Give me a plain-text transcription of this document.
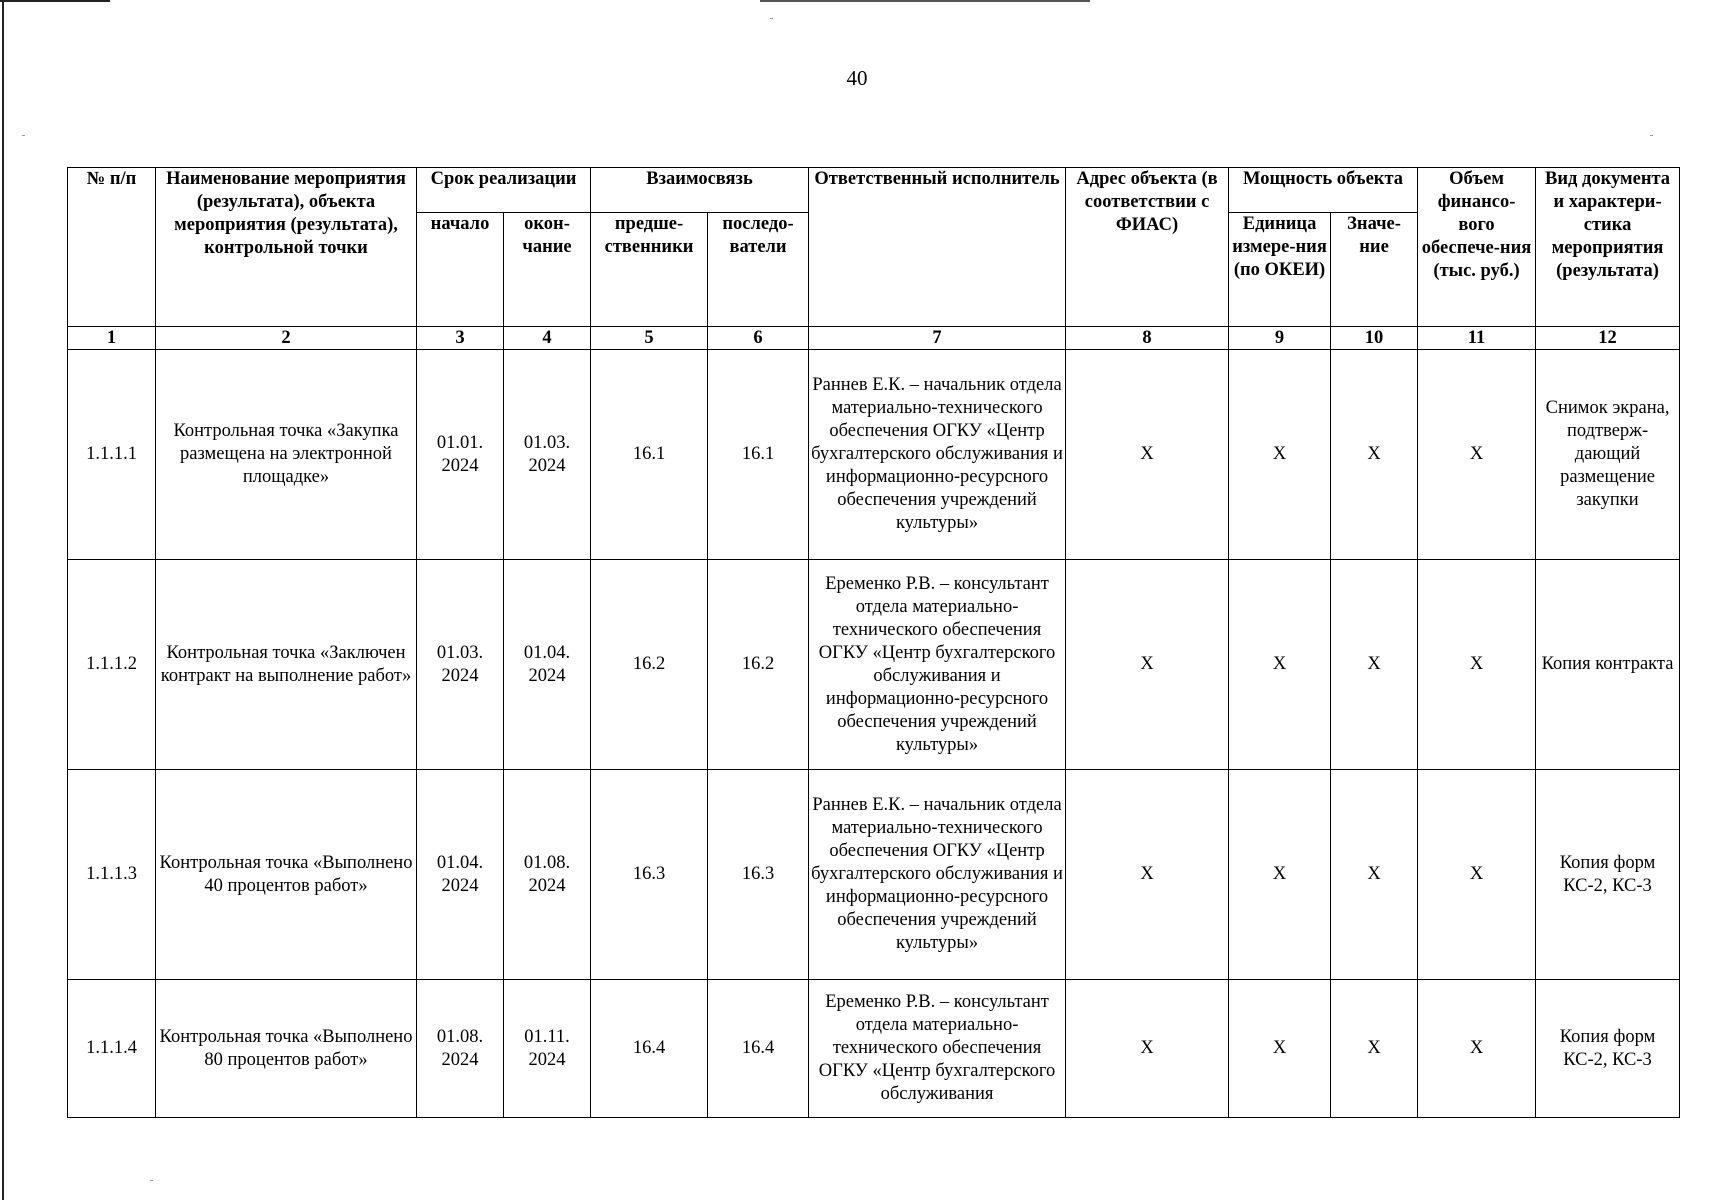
40
№ п/п	Наименование мероприятия (результата), объекта мероприятия (результата), контрольной точки	Срок реализации		Взаимосвязь		Ответственный исполнитель	Адрес объекта (в соответствии с ФИАС)	Мощность объекта		Объем финансо-вого обеспече-ния (тыс. руб.)	Вид документа и характери-стика мероприятия (результата)
		начало	окон-чание	предше-ственники	последо-ватели			Единица измере-ния (по ОКЕИ)	Значе-ние		
1	2	3	4	5	6	7	8	9	10	11	12
1.1.1.1	Контрольная точка «Закупка размещена на электронной площадке»	01.01. 2024	01.03. 2024	16.1	16.1	Раннев Е.К. – начальник отдела материально-технического обеспечения ОГКУ «Центр бухгалтерского обслуживания и информационно-ресурсного обеспечения учреждений культуры»	Х	Х	Х	Х	Снимок экрана, подтверж-дающий размещение закупки
1.1.1.2	Контрольная точка «Заключен контракт на выполнение работ»	01.03. 2024	01.04. 2024	16.2	16.2	Еременко Р.В. – консультант отдела материально-технического обеспечения ОГКУ «Центр бухгалтерского обслуживания и информационно-ресурсного обеспечения учреждений культуры»	Х	Х	Х	Х	Копия контракта
1.1.1.3	Контрольная точка «Выполнено 40 процентов работ»	01.04. 2024	01.08. 2024	16.3	16.3	Раннев Е.К. – начальник отдела материально-технического обеспечения ОГКУ «Центр бухгалтерского обслуживания и информационно-ресурсного обеспечения учреждений культуры»	Х	Х	Х	Х	Копия форм КС-2, КС-3
1.1.1.4	Контрольная точка «Выполнено 80 процентов работ»	01.08. 2024	01.11. 2024	16.4	16.4	Еременко Р.В. – консультант отдела материально-технического обеспечения ОГКУ «Центр бухгалтерского обслуживания	Х	Х	Х	Х	Копия форм КС-2, КС-3
